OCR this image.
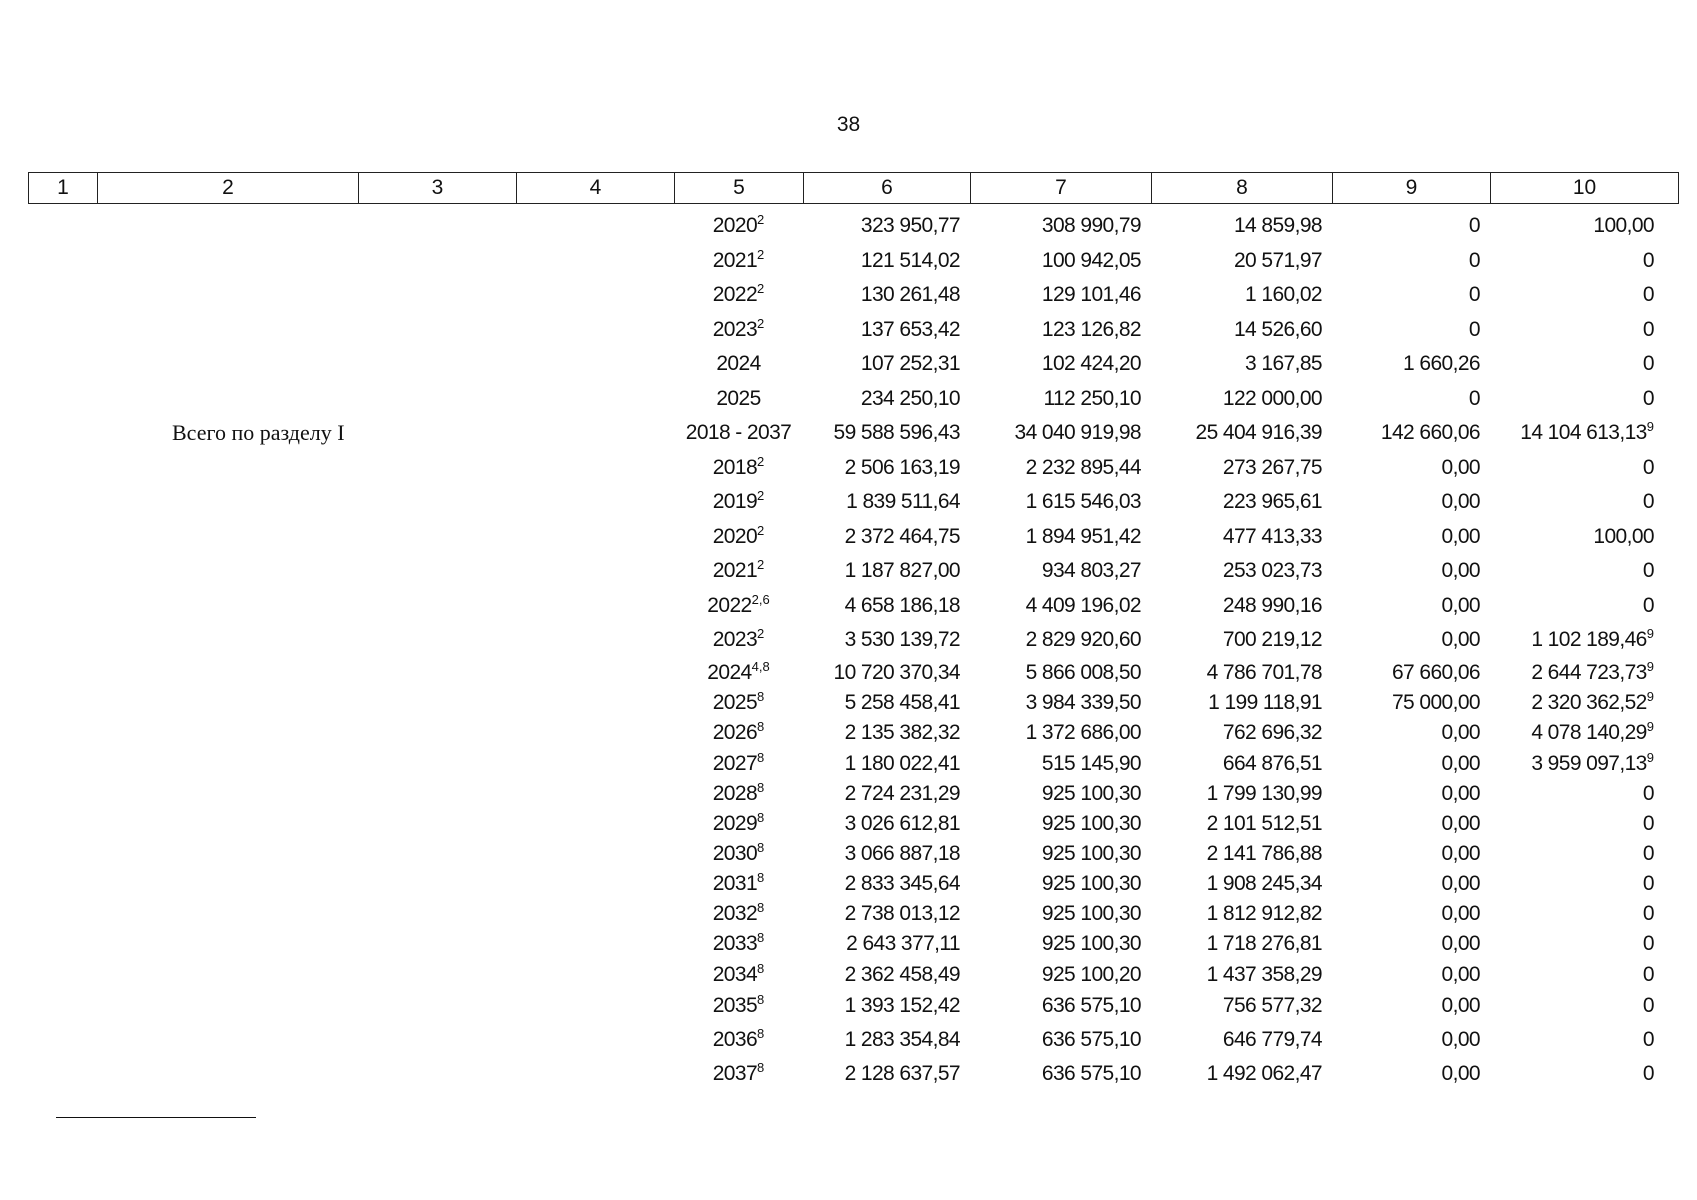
38
1	2	3	4	5	6	7	8	9	10
				2020$^2$	323 950,77	308 990,79	14 859,98	0	100,00
				2021$^2$	121 514,02	100 942,05	20 571,97	0	0
				2022$^2$	130 261,48	129 101,46	1 160,02	0	0
				2023$^2$	137 653,42	123 126,82	14 526,60	0	0
				2024	107 252,31	102 424,20	3 167,85	1 660,26	0
				2025	234 250,10	112 250,10	122 000,00	0	0
	Всего по разделу I			2018 - 2037	59 588 596,43	34 040 919,98	25 404 916,39	142 660,06	14 104 613,13$^9$
				2018$^2$	2 506 163,19	2 232 895,44	273 267,75	0,00	0
				2019$^2$	1 839 511,64	1 615 546,03	223 965,61	0,00	0
				2020$^2$	2 372 464,75	1 894 951,42	477 413,33	0,00	100,00
				2021$^2$	1 187 827,00	934 803,27	253 023,73	0,00	0
				2022$^{2,6}$	4 658 186,18	4 409 196,02	248 990,16	0,00	0
				2023$^2$	3 530 139,72	2 829 920,60	700 219,12	0,00	1 102 189,46$^9$
				2024$^{4,8}$	10 720 370,34	5 866 008,50	4 786 701,78	67 660,06	2 644 723,73$^9$
				2025$^8$	5 258 458,41	3 984 339,50	1 199 118,91	75 000,00	2 320 362,52$^9$
				2026$^8$	2 135 382,32	1 372 686,00	762 696,32	0,00	4 078 140,29$^9$
				2027$^8$	1 180 022,41	515 145,90	664 876,51	0,00	3 959 097,13$^9$
				2028$^8$	2 724 231,29	925 100,30	1 799 130,99	0,00	0
				2029$^8$	3 026 612,81	925 100,30	2 101 512,51	0,00	0
				2030$^8$	3 066 887,18	925 100,30	2 141 786,88	0,00	0
				2031$^8$	2 833 345,64	925 100,30	1 908 245,34	0,00	0
				2032$^8$	2 738 013,12	925 100,30	1 812 912,82	0,00	0
				2033$^8$	2 643 377,11	925 100,30	1 718 276,81	0,00	0
				2034$^8$	2 362 458,49	925 100,20	1 437 358,29	0,00	0
				2035$^8$	1 393 152,42	636 575,10	756 577,32	0,00	0
				2036$^8$	1 283 354,84	636 575,10	646 779,74	0,00	0
				2037$^8$	2 128 637,57	636 575,10	1 492 062,47	0,00	0
